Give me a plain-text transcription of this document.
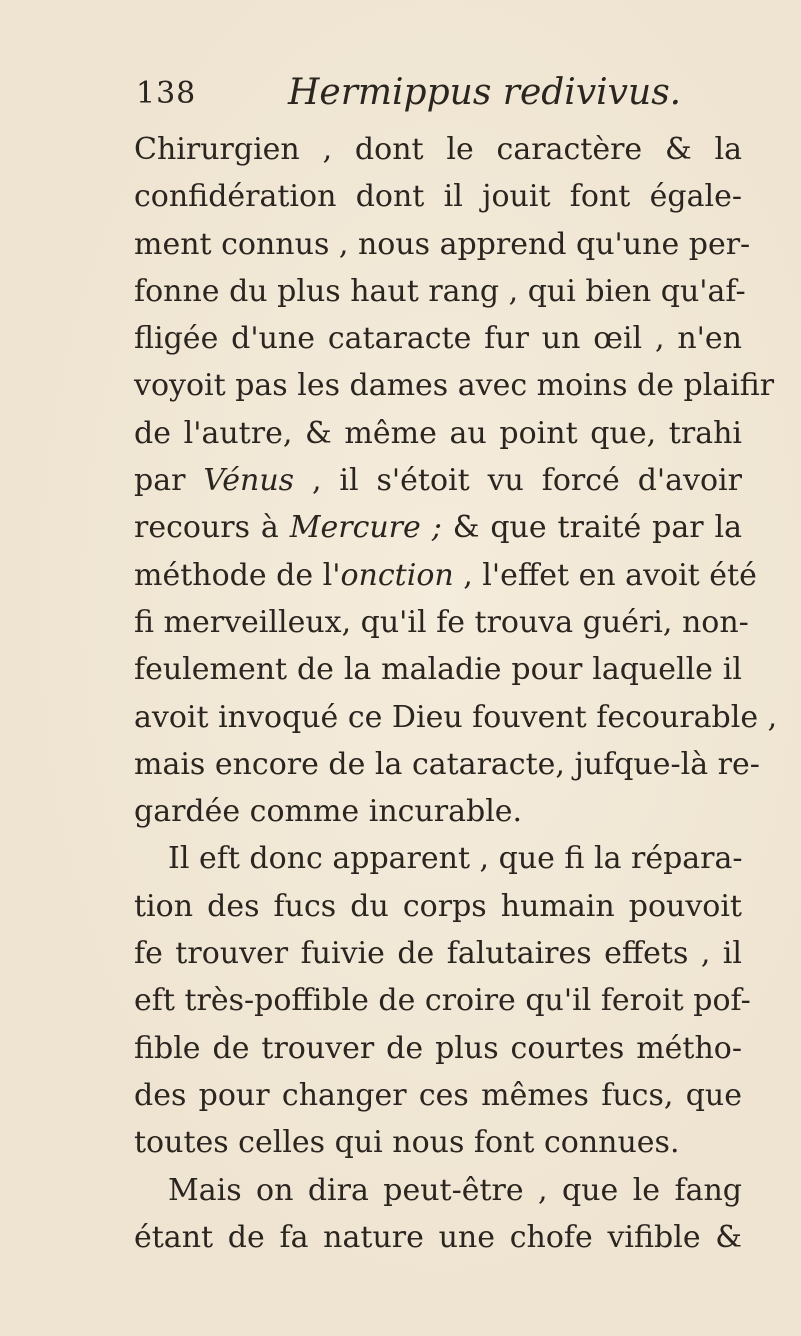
138	Hermippus redivivus.
Chirurgien , dont le caractère & la
confidération dont il jouit font égale-
ment connus , nous apprend qu'une per-
fonne du plus haut rang , qui bien qu'af-
fligée d'une cataracte fur un œil , n'en
voyoit pas les dames avec moins de plaifir
de l'autre, & même au point que, trahi
par Vénus , il s'étoit vu forcé d'avoir
recours à Mercure ; & que traité par la
méthode de l'onction , l'effet en avoit été
fi merveilleux, qu'il fe trouva guéri, non-
feulement de la maladie pour laquelle il
avoit invoqué ce Dieu fouvent fecourable ,
mais encore de la cataracte, jufque-là re-
gardée comme incurable.
Il eft donc apparent , que fi la répara-
tion des fucs du corps humain pouvoit
fe trouver fuivie de falutaires effets , il
eft très-poffible de croire qu'il feroit pof-
fible de trouver de plus courtes métho-
des pour changer ces mêmes fucs, que
toutes celles qui nous font connues.
Mais on dira peut-être , que le fang
étant de fa nature une chofe vifible &
